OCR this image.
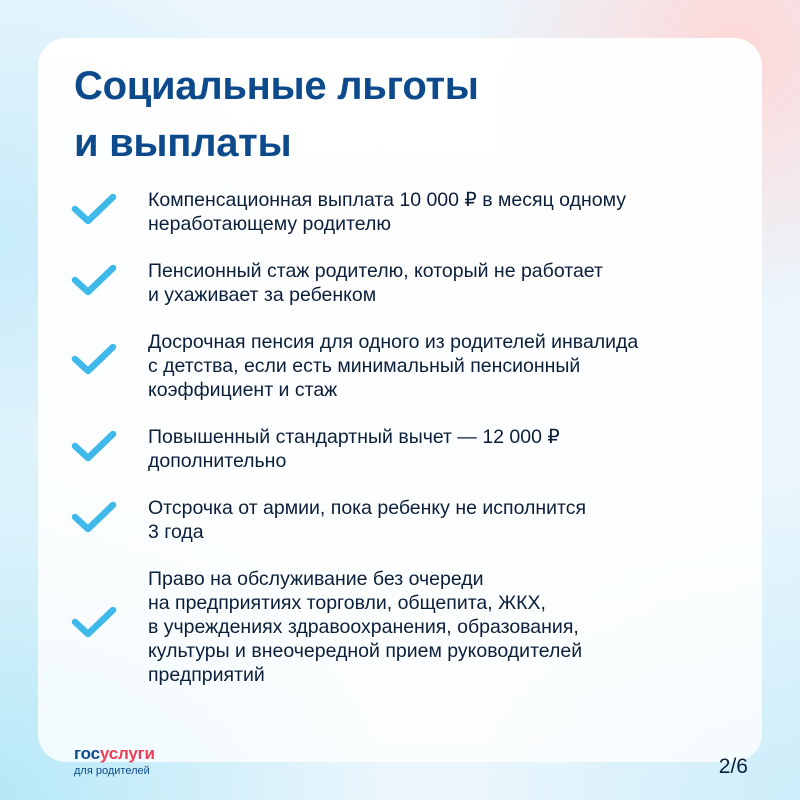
Социальные льготы
и выплаты
Компенсационная выплата 10 000 ₽ в месяц одному
неработающему родителю
Пенсионный стаж родителю, который не работает
и ухаживает за ребенком
Досрочная пенсия для одного из родителей инвалида
с детства, если есть минимальный пенсионный
коэффициент и стаж
Повышенный стандартный вычет — 12 000 ₽
дополнительно
Отсрочка от армии, пока ребенку не исполнится
3 года
Право на обслуживание без очереди
на предприятиях торговли, общепита, ЖКХ,
в учреждениях здравоохранения, образования,
культуры и внеочередной прием руководителей
предприятий
госуслуги
для родителей	2/6
